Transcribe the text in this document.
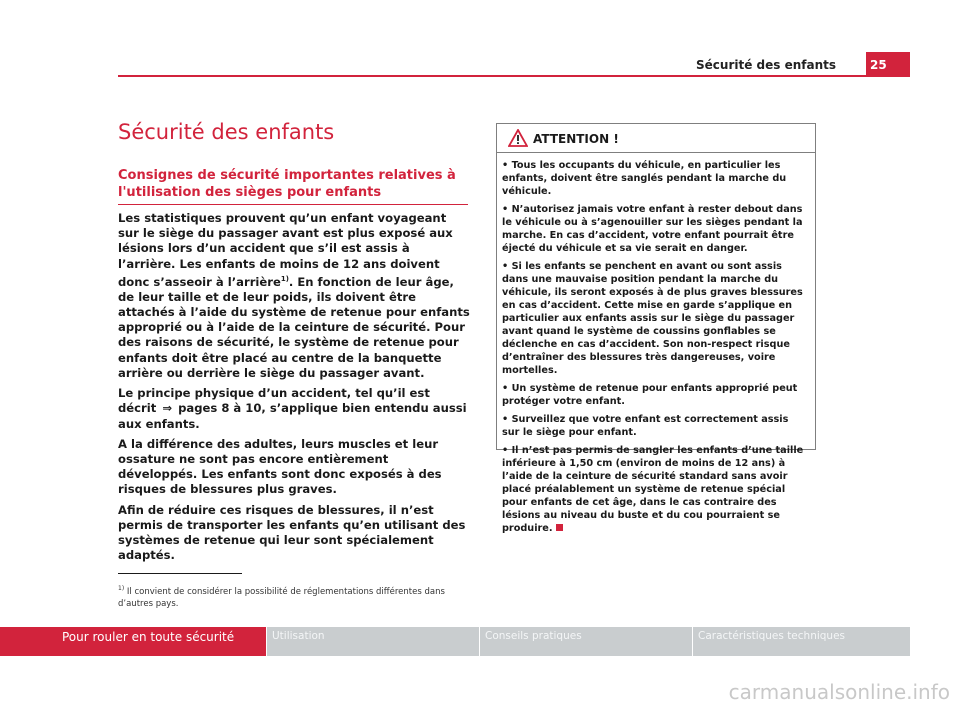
Sécurité des enfants	25
Sécurité des enfants
Consignes de sécurité importantes relatives à l'utilisation des sièges pour enfants

Les statistiques prouvent qu’un enfant voyageant sur le siège du passager avant est plus exposé aux lésions lors d’un accident que s’il est assis à l’arrière. Les enfants de moins de 12 ans doivent donc s’asseoir à l’arrière$^{1)}$. En fonction de leur âge, de leur taille et de leur poids, ils doivent être attachés à l’aide du système de retenue pour enfants approprié ou à l’aide de la ceinture de sécurité. Pour des raisons de sécurité, le système de retenue pour enfants doit être placé au centre de la banquette arrière ou derrière le siège du passager avant.

Le principe physique d’un accident, tel qu’il est décrit ⇒ pages 8 à 10, s’applique bien entendu aussi aux enfants.

A la différence des adultes, leurs muscles et leur ossature ne sont pas encore entièrement développés. Les enfants sont donc exposés à des risques de blessures plus graves.

Afin de réduire ces risques de blessures, il n’est permis de transporter les enfants qu’en utilisant des systèmes de retenue qui leur sont spécialement adaptés.

ATTENTION !

• Tous les occupants du véhicule, en particulier les enfants, doivent être sanglés pendant la marche du véhicule.

• N’autorisez jamais votre enfant à rester debout dans le véhicule ou à s’agenouiller sur les sièges pendant la marche. En cas d’accident, votre enfant pourrait être éjecté du véhicule et sa vie serait en danger.

• Si les enfants se penchent en avant ou sont assis dans une mauvaise position pendant la marche du véhicule, ils seront exposés à de plus graves blessures en cas d’accident. Cette mise en garde s’applique en particulier aux enfants assis sur le siège du passager avant quand le système de coussins gonflables se déclenche en cas d’accident. Son non-respect risque d’entraîner des blessures très dangereuses, voire mortelles.

• Un système de retenue pour enfants approprié peut protéger votre enfant.

• Surveillez que votre enfant est correctement assis sur le siège pour enfant.

• Il n’est pas permis de sangler les enfants d’une taille inférieure à 1,50 cm (environ de moins de 12 ans) à l’aide de la ceinture de sécurité standard sans avoir placé préalablement un système de retenue spécial pour enfants de cet âge, dans le cas contraire des lésions au niveau du buste et du cou pourraient se produire.

$^{1)}$ Il convient de considérer la possibilité de réglementations différentes dans d’autres pays.
Pour rouler en toute sécurité	Utilisation	Conseils pratiques	Caractéristiques techniques
carmanualsonline.info
